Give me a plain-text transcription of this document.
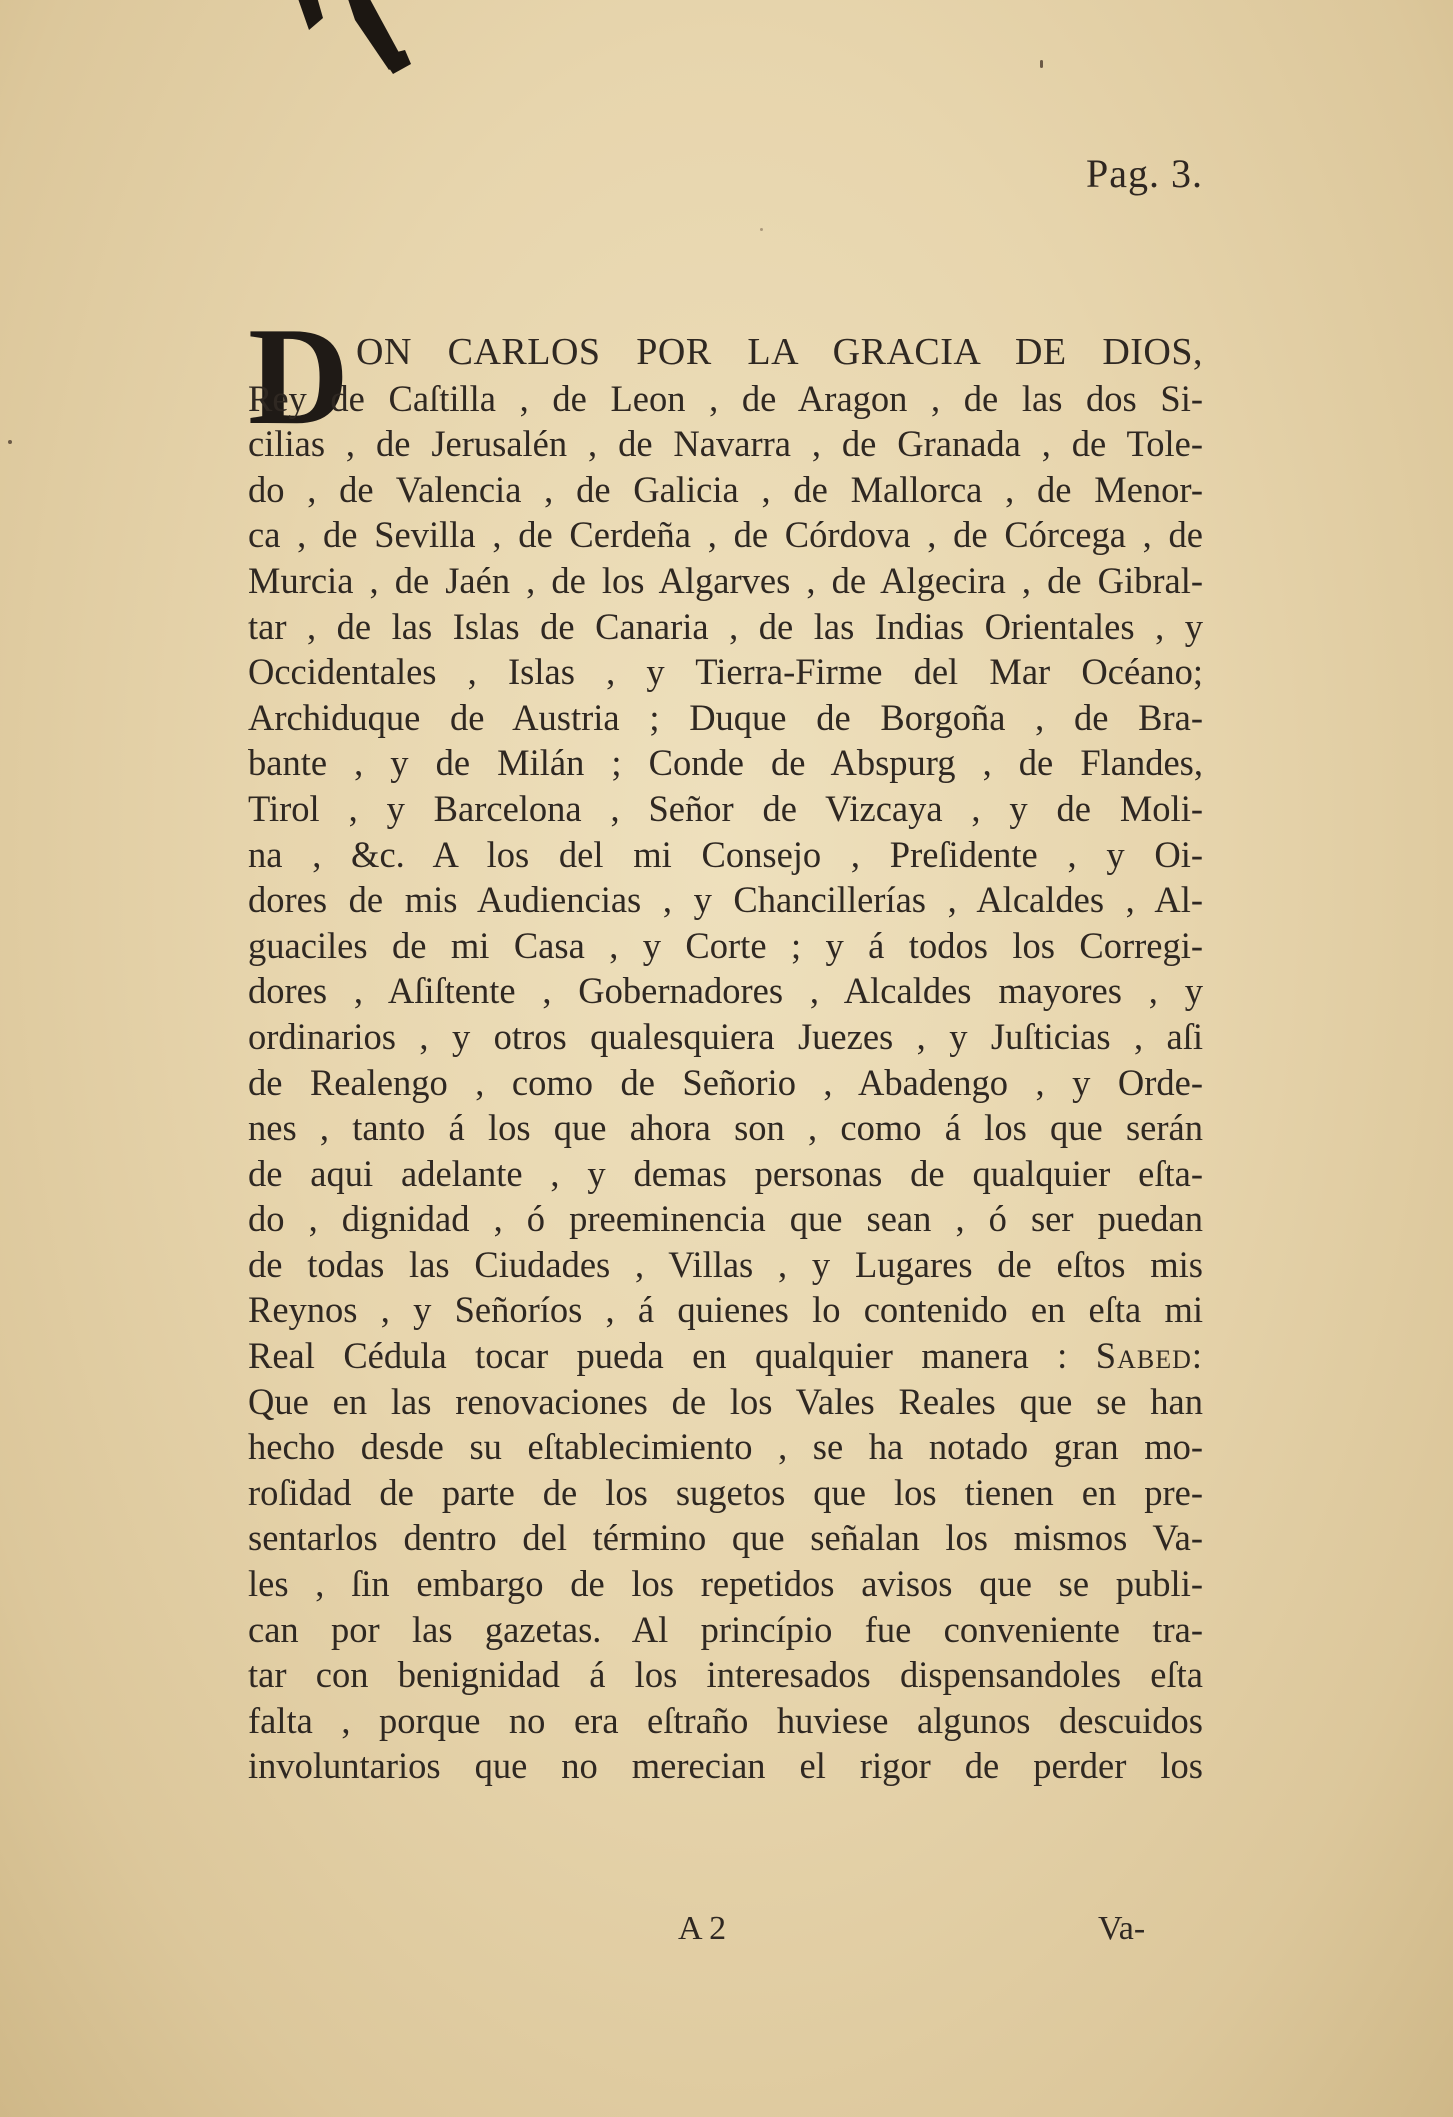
Pag. 3.
D ON CARLOS POR LA GRACIA DE DIOS,
Rey de Caſtilla , de Leon , de Aragon , de las dos Si-
cilias , de Jerusalén , de Navarra , de Granada , de Tole-
do , de Valencia , de Galicia , de Mallorca , de Menor-
ca , de Sevilla , de Cerdeña , de Córdova , de Córcega , de
Murcia , de Jaén , de los Algarves , de Algecira , de Gibral-
tar , de las Islas de Canaria , de las Indias Orientales , y
Occidentales , Islas , y Tierra-Firme del Mar Océano;
Archiduque de Austria ; Duque de Borgoña , de Bra-
bante , y de Milán ; Conde de Abspurg , de Flandes,
Tirol , y Barcelona , Señor de Vizcaya , y de Moli-
na , &c. A los del mi Consejo , Preſidente , y Oi-
dores de mis Audiencias , y Chancillerías , Alcaldes , Al-
guaciles de mi Casa , y Corte ; y á todos los Corregi-
dores , Aſiſtente , Gobernadores , Alcaldes mayores , y
ordinarios , y otros qualesquiera Juezes , y Juſticias , aſi
de Realengo , como de Señorio , Abadengo , y Orde-
nes , tanto á los que ahora son , como á los que serán
de aqui adelante , y demas personas de qualquier eſta-
do , dignidad , ó preeminencia que sean , ó ser puedan
de todas las Ciudades , Villas , y Lugares de eſtos mis
Reynos , y Señoríos , á quienes lo contenido en eſta mi
Real Cédula tocar pueda en qualquier manera : Sabed:
Que en las renovaciones de los Vales Reales que se han
hecho desde su eſtablecimiento , se ha notado gran mo-
roſidad de parte de los sugetos que los tienen en pre-
sentarlos dentro del término que señalan los mismos Va-
les , ſin embargo de los repetidos avisos que se publi-
can por las gazetas. Al princípio fue conveniente tra-
tar con benignidad á los interesados dispensandoles eſta
falta , porque no era eſtraño huviese algunos descuidos
involuntarios que no merecian el rigor de perder los
A 2	Va-
